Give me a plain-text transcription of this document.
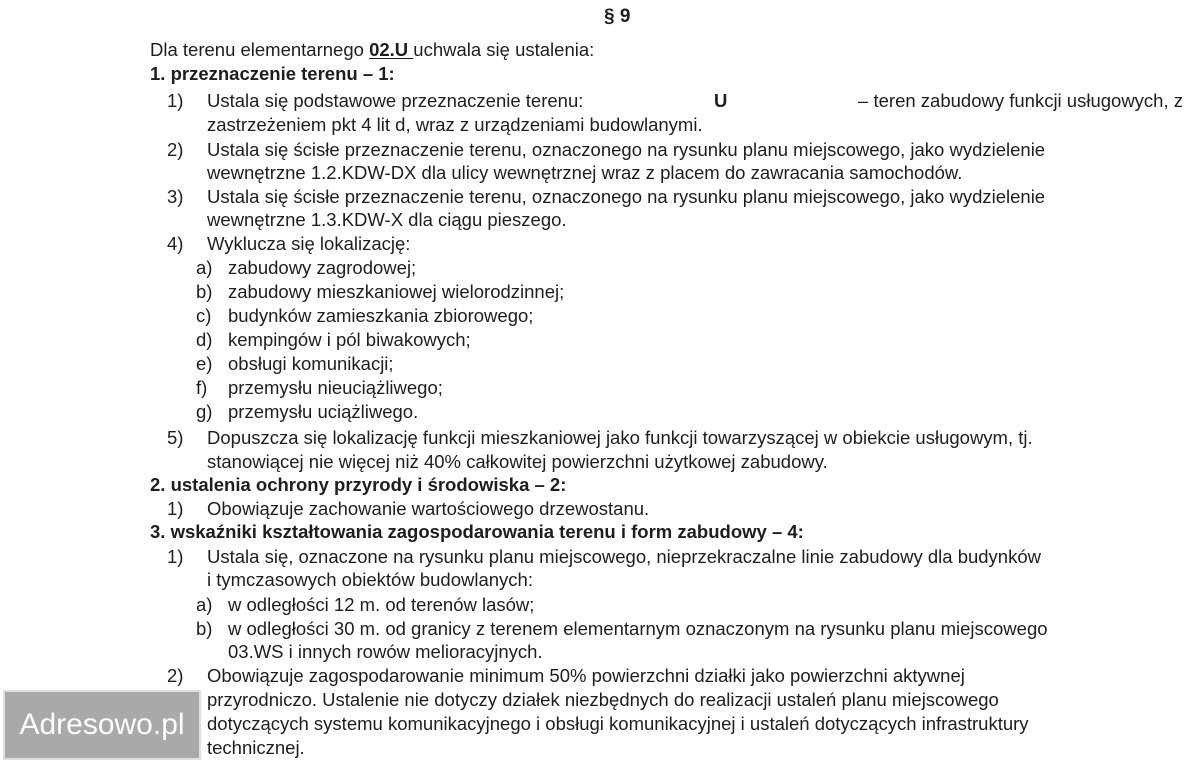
§ 9
Dla terenu elementarnego 02.U uchwala się ustalenia:
1. przeznaczenie terenu – 1:
1) Ustala się podstawowe przeznaczenie terenu:	U	– teren zabudowy funkcji usługowych, z
zastrzeżeniem pkt 4 lit d, wraz z urządzeniami budowlanymi.
2) Ustala się ścisłe przeznaczenie terenu, oznaczonego na rysunku planu miejscowego, jako wydzielenie
wewnętrzne 1.2.KDW-DX dla ulicy wewnętrznej wraz z placem do zawracania samochodów.
3) Ustala się ścisłe przeznaczenie terenu, oznaczonego na rysunku planu miejscowego, jako wydzielenie
wewnętrzne 1.3.KDW-X dla ciągu pieszego.
4) Wyklucza się lokalizację:
a) zabudowy zagrodowej;
b) zabudowy mieszkaniowej wielorodzinnej;
c) budynków zamieszkania zbiorowego;
d) kempingów i pól biwakowych;
e) obsługi komunikacji;
f) przemysłu nieuciążliwego;
g) przemysłu uciążliwego.
5) Dopuszcza się lokalizację funkcji mieszkaniowej jako funkcji towarzyszącej w obiekcie usługowym, tj.
stanowiącej nie więcej niż 40% całkowitej powierzchni użytkowej zabudowy.
2. ustalenia ochrony przyrody i środowiska – 2:
1) Obowiązuje zachowanie wartościowego drzewostanu.
3. wskaźniki kształtowania zagospodarowania terenu i form zabudowy – 4:
1) Ustala się, oznaczone na rysunku planu miejscowego, nieprzekraczalne linie zabudowy dla budynków
i tymczasowych obiektów budowlanych:
a) w odległości 12 m. od terenów lasów;
b) w odległości 30 m. od granicy z terenem elementarnym oznaczonym na rysunku planu miejscowego
03.WS i innych rowów melioracyjnych.
2) Obowiązuje zagospodarowanie minimum 50% powierzchni działki jako powierzchni aktywnej
przyrodniczo. Ustalenie nie dotyczy działek niezbędnych do realizacji ustaleń planu miejscowego
dotyczących systemu komunikacyjnego i obsługi komunikacyjnej i ustaleń dotyczących infrastruktury
technicznej.
Adresowo.pl
